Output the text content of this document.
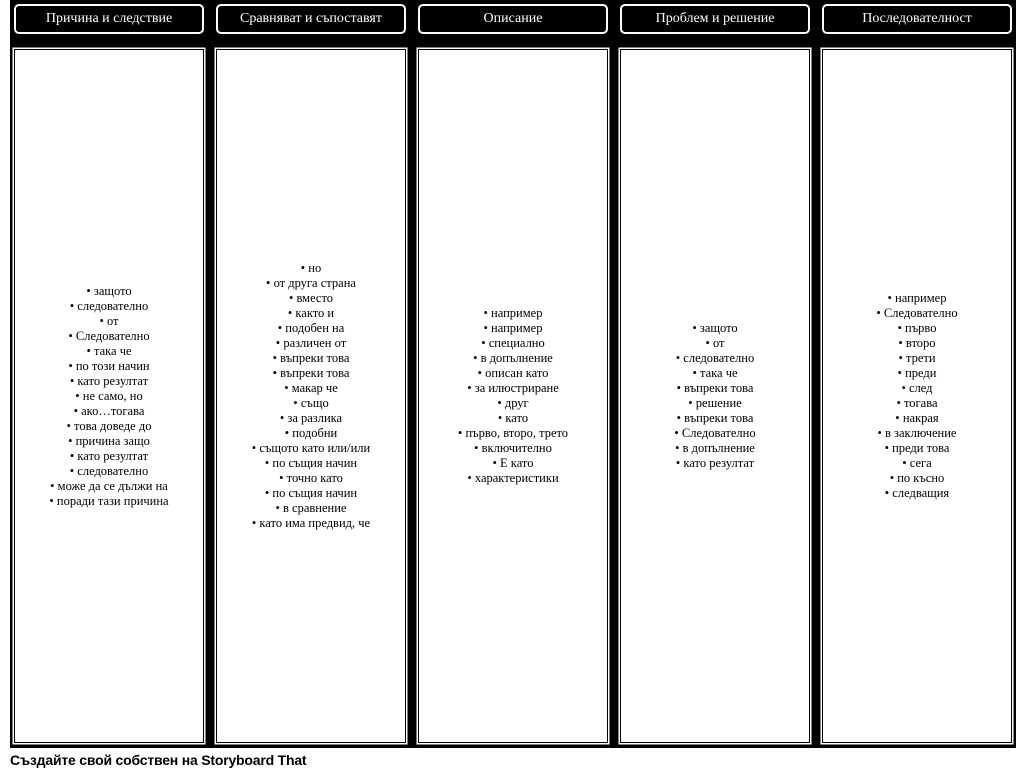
Причина и следствие
• защото
• следователно
• от
• Следователно
• така че
• по този начин
• като резултат
• не само, но
• ако…тогава
• това доведе до
• причина защо
• като резултат
• следователно
• може да се дължи на
• поради тази причина
Сравняват и съпоставят
• но
• от друга страна
• вместо
• както и
• подобен на
• различен от
• въпреки това
• въпреки това
• макар че
• също
• за разлика
• подобни
• същото като или/или
• по същия начин
• точно като
• по същия начин
• в сравнение
• като има предвид, че
Описание
• например
• например
• специално
• в допълнение
• описан като
• за илюстриране
• друг
• като
• първо, второ, трето
• включително
• Е като
• характеристики
Проблем и решение
• защото
• от
• следователно
• така че
• въпреки това
• решение
• въпреки това
• Следователно
• в допълнение
• като резултат
Последователност
• например
• Следователно
• първо
• второ
• трети
• преди
• след
• тогава
• накрая
• в заключение
• преди това
• сега
• по късно
• следващия
Създайте свой собствен на Storyboard That
